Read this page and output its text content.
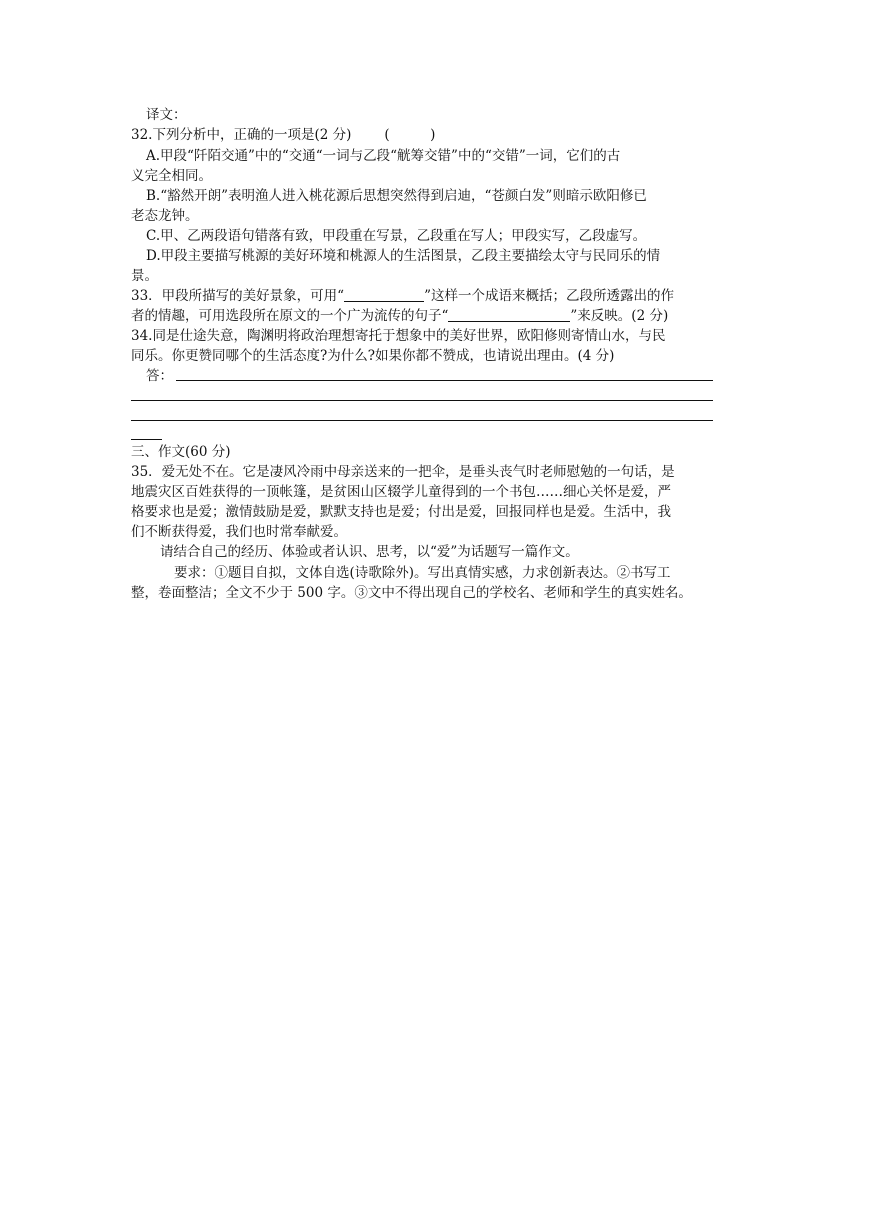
译文：
32.下列分析中，正确的一项是(2 分) (　　　)
A.甲段“阡陌交通”中的“交通“一词与乙段“觥筹交错”中的“交错”一词，它们的古
义完全相同。
B.“豁然开朗”表明渔人进入桃花源后思想突然得到启迪，“苍颜白发”则暗示欧阳修已
老态龙钟。
C.甲、乙两段语句错落有致，甲段重在写景，乙段重在写人；甲段实写，乙段虚写。
D.甲段主要描写桃源的美好环境和桃源人的生活图景，乙段主要描绘太守与民同乐的情
景。
33．甲段所描写的美好景象，可用“	”这样一个成语来概括；乙段所透露出的作
者的情趣，可用选段所在原文的一个广为流传的句子“	”来反映。(2 分)
34.同是仕途失意，陶渊明将政治理想寄托于想象中的美好世界，欧阳修则寄情山水，与民
同乐。你更赞同哪个的生活态度?为什么?如果你都不赞成，也请说出理由。(4 分)
答：
三、作文(60 分)
35．爱无处不在。它是凄风冷雨中母亲送来的一把伞，是垂头丧气时老师慰勉的一句话，是
地震灾区百姓获得的一顶帐篷，是贫困山区辍学儿童得到的一个书包……细心关怀是爱，严
格要求也是爱；激情鼓励是爱，默默支持也是爱；付出是爱，回报同样也是爱。生活中，我
们不断获得爱，我们也时常奉献爱。
请结合自己的经历、体验或者认识、思考，以“爱”为话题写一篇作文。
要求：①题目自拟，文体自选(诗歌除外)。写出真情实感，力求创新表达。②书写工
整，卷面整洁；全文不少于 500 字。③文中不得出现自己的学校名、老师和学生的真实姓名。
